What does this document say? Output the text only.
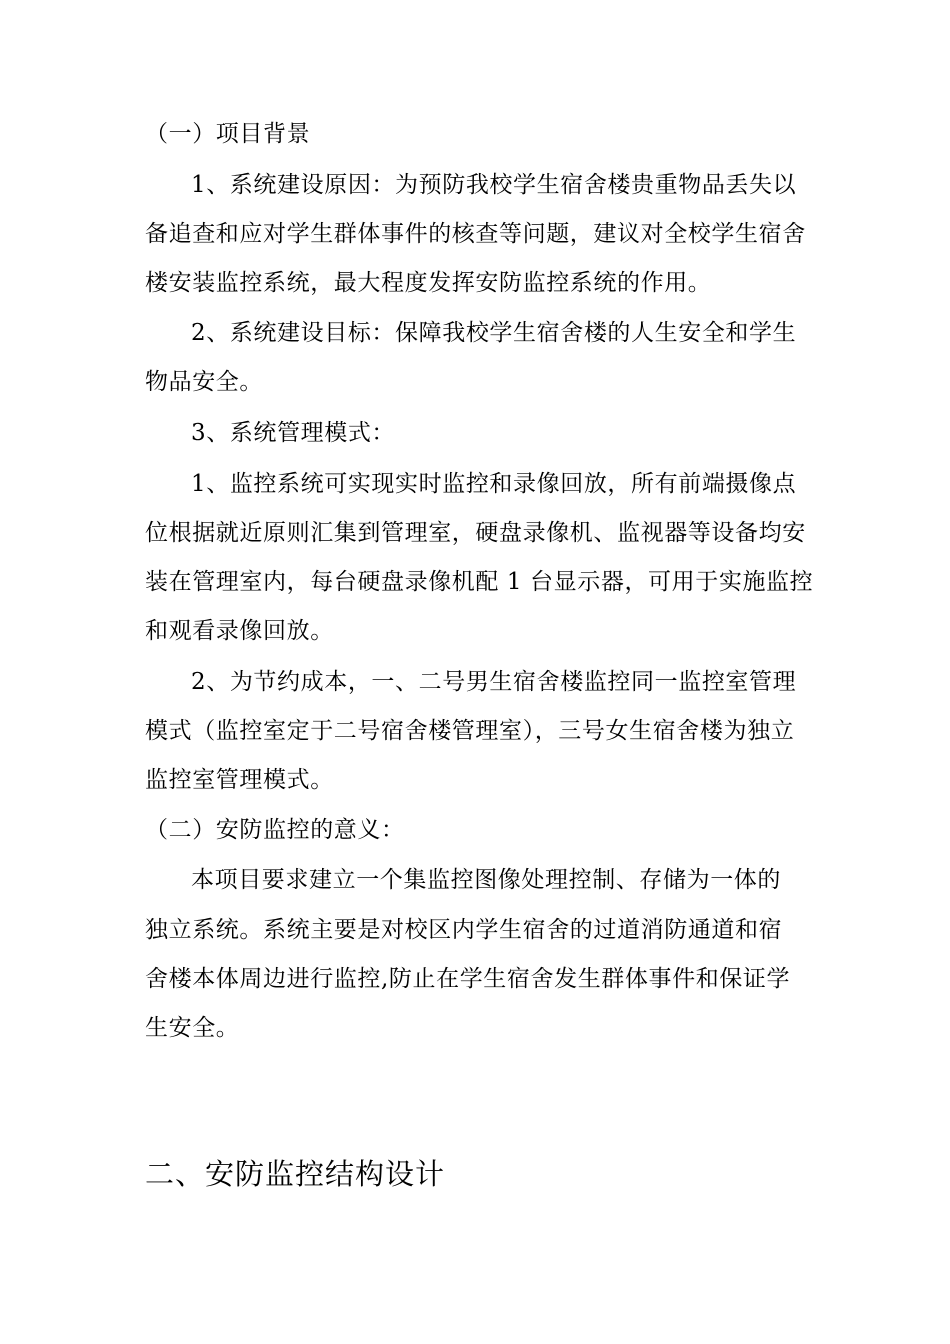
（一）项目背景
1、系统建设原因：为预防我校学生宿舍楼贵重物品丢失以
备追查和应对学生群体事件的核查等问题，建议对全校学生宿舍
楼安装监控系统，最大程度发挥安防监控系统的作用。
2、系统建设目标：保障我校学生宿舍楼的人生安全和学生
物品安全。
3、系统管理模式：
1、监控系统可实现实时监控和录像回放，所有前端摄像点
位根据就近原则汇集到管理室，硬盘录像机、监视器等设备均安
装在管理室内，每台硬盘录像机配 1 台显示器，可用于实施监控
和观看录像回放。
2、为节约成本，一、二号男生宿舍楼监控同一监控室管理
模式（监控室定于二号宿舍楼管理室），三号女生宿舍楼为独立
监控室管理模式。
（二）安防监控的意义：
本项目要求建立一个集监控图像处理控制、存储为一体的
独立系统。系统主要是对校区内学生宿舍的过道消防通道和宿
舍楼本体周边进行监控,防止在学生宿舍发生群体事件和保证学
生安全。
二、安防监控结构设计
